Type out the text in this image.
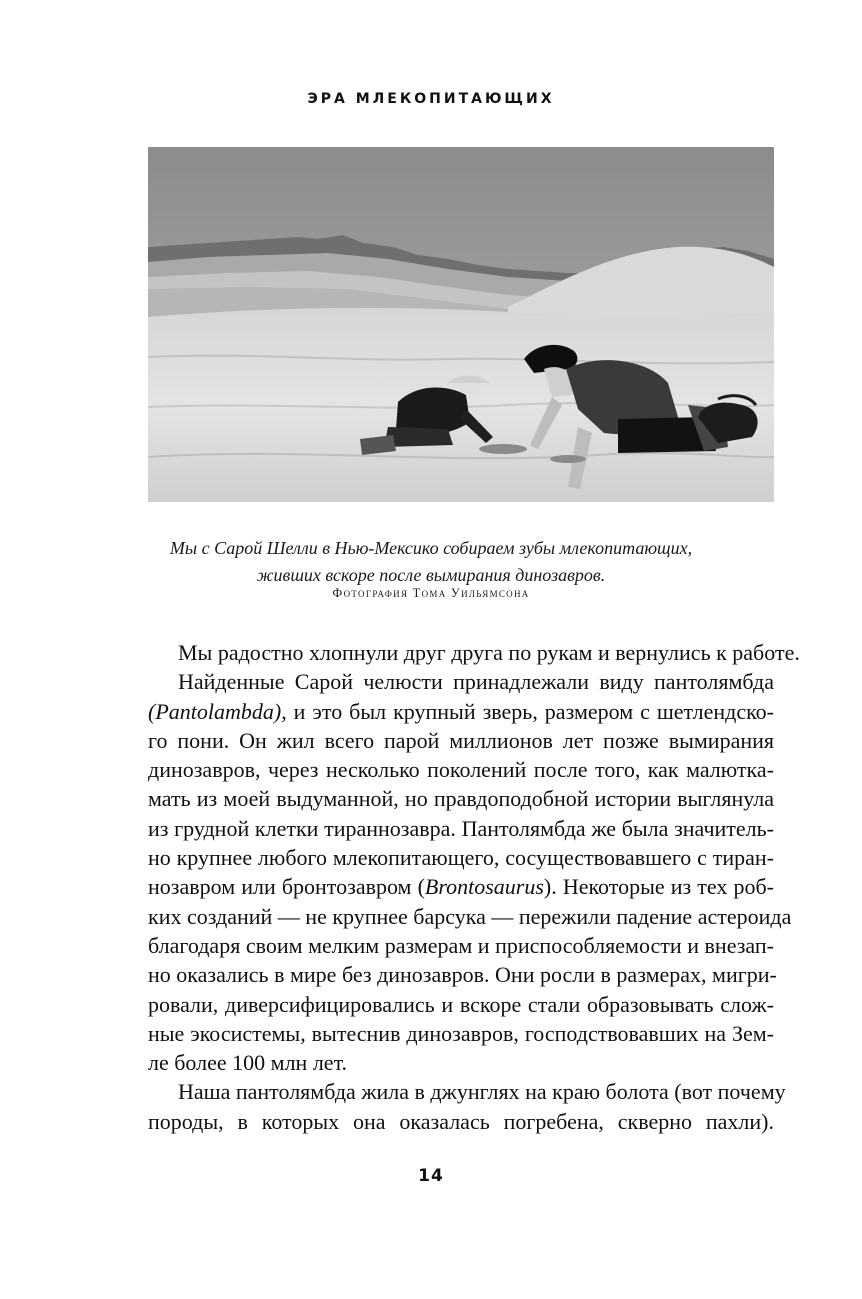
ЭРА МЛЕКОПИТАЮЩИХ
Мы с Сарой Шелли в Нью-Мексико собираем зубы млекопитающих,
живших вскоре после вымирания динозавров.
Фотография Тома Уильямсона
Мы радостно хлопнули друг друга по рукам и вернулись к работе.
Найденные Сарой челюсти принадлежали виду пантолямбда
(Pantolambda), и это был крупный зверь, размером с шетлендско-
го пони. Он жил всего парой миллионов лет позже вымирания
динозавров, через несколько поколений после того, как малютка-
мать из моей выдуманной, но правдоподобной истории выглянула
из грудной клетки тираннозавра. Пантолямбда же была значитель-
но крупнее любого млекопитающего, сосуществовавшего с тиран-
нозавром или бронтозавром (Brontosaurus). Некоторые из тех роб-
ких созданий — не крупнее барсука — пережили падение астероида
благодаря своим мелким размерам и приспособляемости и внезап-
но оказались в мире без динозавров. Они росли в размерах, мигри-
ровали, диверсифицировались и вскоре стали образовывать слож-
ные экосистемы, вытеснив динозавров, господствовавших на Зем-
ле более 100 млн лет.
Наша пантолямбда жила в джунглях на краю болота (вот почему
породы, в которых она оказалась погребена, скверно пахли).
14
